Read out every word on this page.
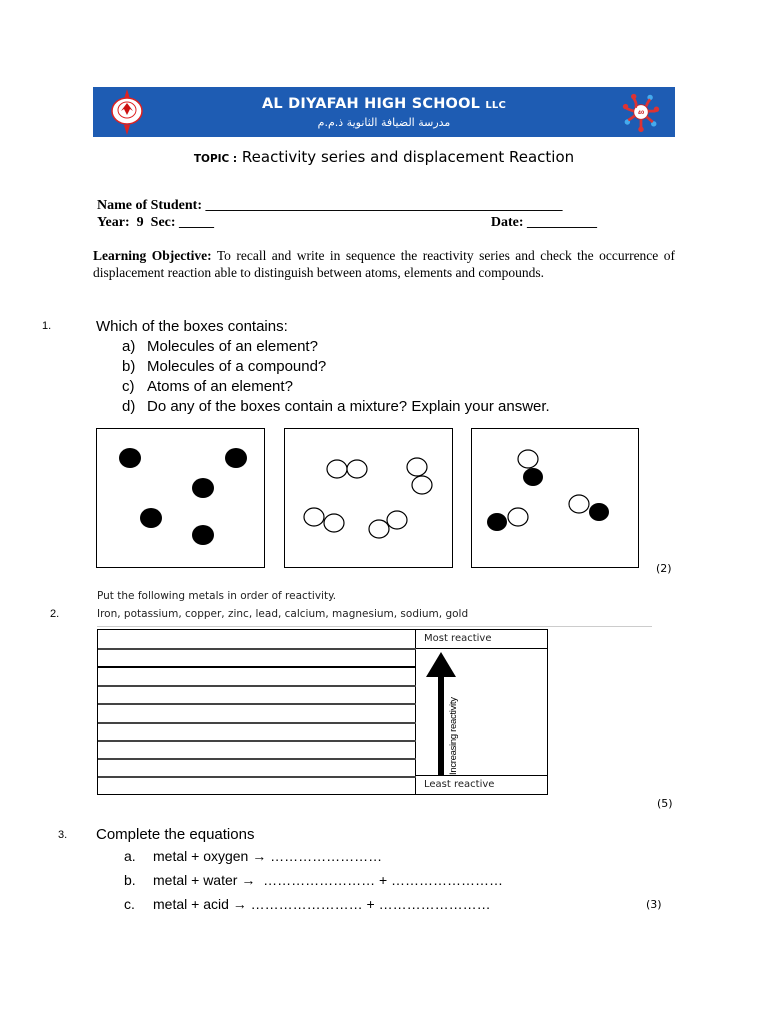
AL DIYAFAH HIGH SCHOOL LLC
مدرسة الضيافة الثانوية ذ.م.م
40
TOPIC : Reactivity series and displacement Reaction
Name of Student: ___________________________________________________
Year: 9 Sec: _____	Date: __________
Learning Objective: To recall and write in sequence the reactivity series and check the occurrence of displacement reaction able to distinguish between atoms, elements and compounds.
1.	Which of the boxes contains:
a) Molecules of an element?
b) Molecules of a compound?
c) Atoms of an element?
d) Do any of the boxes contain a mixture? Explain your answer.
(2)
Put the following metals in order of reactivity.
2.	Iron, potassium, copper, zinc, lead, calcium, magnesium, sodium, gold
Most reactive
Increasing reactivity
Least reactive
(5)
3. Complete the equations
a.	metal + oxygen → ……………………
b.	metal + water →  …………………… + ……………………
c.	metal + acid → …………………… + ……………………	(3)
